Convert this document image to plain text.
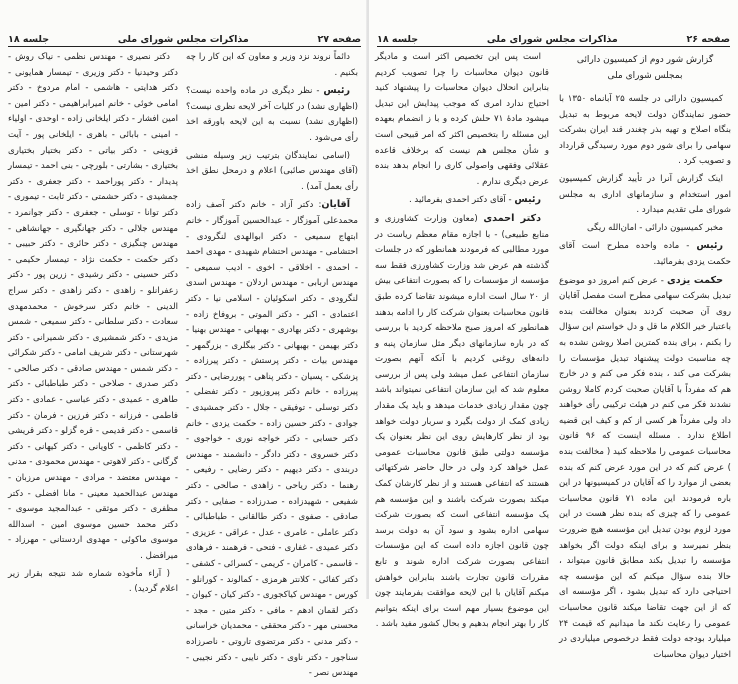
صفحه ۲۷
مذاکرات مجلس شورای ملی
جلسه ۱۸

دائماً نروند نزد وزیر و معاون که این کار را چه بکنیم .

رئیس - نظر دیگری در ماده واحده نیست؟ (اظهاری نشد) در کلیات آخر لایحه نظری نیست؟ (اظهاری نشد) نسبت به این لایحه باورقه اخذ رأی می‌شود .

(اسامی نمایندگان بترتیب زیر وسیله منشی (آقای مهندس صائبی) اعلام و درمحل نطق اخذ رأی بعمل آمد) .

آقایان: دکتر آزاد - خانم دکتر آصف زاده محمدعلی آموزگار - عبدالحسین آموزگار - خانم ابتهاج سمیعی - دکتر ابوالهدی لنگرودی - احتشامی - مهندس احتشام شهیدی - مهدی احمد - احمدی - اخلاقی - اخوی - ادیب سمیعی - مهندس اربابی - مهندس اردلان - مهندس اسدی لنگرودی - دکتر اسکوئیان - اسلامی نیا - دکتر اعتمادی - اکبر - دکتر الموتی - بروفاخ زاده - بوشهری - دکتر بهادری - بهبهانی - مهندس بهنیا - دکتر بهیمن - بهبهانی - دکتر بیگلری - بزرگمهر - مهندس بیات - دکتر پرستش - دکتر پیرزاده - پزشکی - پسیان - دکتر پناهی - پوررضایی - دکتر پیرزاده - خانم دکتر پیروزپور - دکتر تفضلی - دکتر توسلی - توفیقی - جلال - دکتر جمشیدی - جوادی - دکتر حسین زاده - حکمت یزدی - خانم دکتر حسابی - دکتر خواجه نوری - خواجوی - دکتر خسروی - دکتر دادگر - دانشمند - مهندس دربندی - دکتر دیهیم - دکتر رضایی - رفیعی - رهنما - دکتر ریاحی - زاهدی - صالحی - دکتر شفیعی - شهیدزاده - صدرزاده - صفایی - دکتر صادقی - صفوی - دکتر طالقانی - طباطبائی - دکتر عاملی - عامری - عدل - عراقی - عزیزی - دکتر عمیدی - غفاری - فتحی - فرهمند - فرهادی - قاسمی - کامران - کریمی - کسرائی - کشفی - دکتر کفائی - کلانتر هرمزی - کمالوند - کورانلو - کورس - مهندس کیاکجوری - دکتر کیان - کیوان - دکتر لقمان ادهم - مافی - دکتر متین - مجد - محسنی مهر - دکتر محققی - محمدیان خراسانی - دکتر مدنی - دکتر مرتضوی تاروتی - ناصرزاده سناجور - دکتر ناوی - دکتر نایبی - دکتر نجیبی - مهندس نصر -

دکتر نصیری - مهندس نظمی - نیاک روش - دکتر وحیدنیا - دکتر وزیری - تیمسار همایونی - دکتر هدایتی - هاشمی - امام مردوخ - دکتر امامی خوئی - خانم امیرابراهیمی - دکتر امین - امین افشار - دکتر ایلخانی زاده - اوحدی - اولیاء - امینی - بابائی - باهری - ایلخانی پور - آیت قزوینی - دکتر بیاتی - دکتر بختیار بختیاری بختیاری - بشارتی - بلورچی - بنی احمد - تیمسار پدیدار - دکتر پوراحمد - دکتر جعفری - دکتر جمشیدی - دکتر حشمتی - دکتر ثابت - تیموری - دکتر توانا - توسلی - جعفری - دکتر جوانمرد - مهندس جلالی - دکتر جهانگیری - جهانشاهی - مهندس چنگیزی - دکتر حائری - دکتر حبیبی - دکتر حکمت - حکمت نژاد - تیمسار حکیمی - دکتر حسینی - دکتر رشیدی - زرین پور - دکتر زعفرانلو - زاهدی - دکتر زاهدی - دکتر سراج الدینی - خانم دکتر سرخوش - محمدمهدی سعادت - دکتر سلطانی - دکتر سمیعی - شمس مزیدی - دکتر شمشیری - دکتر شمیرانی - دکتر شهرستانی - دکتر شریف امامی - دکتر شکرائی - دکتر شمس - مهندس صادقی - دکتر صالحی - دکتر صدری - صلاحی - دکتر طباطبائی - دکتر طاهری - عمیدی - دکتر عباسی - عمادی - دکتر فاطمی - فرزانه - دکتر فرزین - فرمان - دکتر قاسمی - دکتر قدیمی - قره گزلو - دکتر قریشی - دکتر کاظمی - کاویانی - دکتر کیهانی - دکتر گرگانی - دکتر لاهوتی - مهندس محمودی - مدنی - مهندس معتضد - مرادی - مهندس مرزبان - مهندس عبدالحمید معینی - مانا افضلی - دکتر مظفری - دکتر موثقی - عبدالمجید موسوی - دکتر محمد حسین موسوی امین - اسدالله موسوی ماکوئی - مهدوی اردستانی - مهرزاد - میرافضل .

( آراء مأخوذه شماره شد نتیجه بقرار زیر اعلام گردید) .

صفحه ۲۶
مذاکرات مجلس شورای ملی
جلسه ۱۸
گزارش شور دوم از کمیسیون دارائی
بمجلس شورای ملی

کمیسیون دارائی در جلسه ۲۵ آبانماه ۱۳۵۰ با حضور نمایندگان دولت لایحه مربوط به تبدیل بنگاه اصلاح و تهیه بذر چغندر قند ایران بشرکت سهامی را برای شور دوم مورد رسیدگی قرارداد و تصویب کرد .

اینک گزارش آنرا در تأیید گزارش کمیسیون امور استخدام و سازمانهای اداری به مجلس شورای ملی تقدیم میدارد .

مخبر کمیسیون دارائی - امان‌الله ریگی

رئیس - ماده واحده مطرح است آقای حکمت یزدی بفرمائید.

حکمت یزدی - عرض کنم امروز دو موضوع تبدیل بشرکت سهامی مطرح است مفصل آقایان روی آن صحبت کردند بعنوان مخالفت بنده باعتبار خیر الکلام ما قل و دل خواستم این سؤال را بکنم ، برای بنده کمترین اصلا روشن نشده به چه مناسبت دولت پیشنهاد تبدیل مؤسسات را بشرکت می کند ، بنده فکر می کنم و در خارج هم که مفرداً با آقایان صحبت کردم کاملا روشن نشدند فکر می کنم در هیئت ترکیبی رأی خواهند داد ولی مفرداً هر کسی از کم و کیف این قضیه اطلاع ندارد . مسئله اینست که ۹۶ قانون محاسبات عمومی را ملاحظه کنید ( مخالفت بنده ) عرض کنم که در این مورد عرض کنم که بنده بعضی از موارد را که آقایان در کمیسیونها در این باره فرمودند این ماده ۷۱ قانون محاسبات عمومی را که چیزی که بنده نظر هست در این مورد لزوم بودن تبدیل این مؤسسه هیچ ضرورت بنظر نمیرسد و برای اینکه دولت اگر بخواهد مؤسسه را تبدیل بکند مطابق قانون میتواند ، حالا بنده سؤال میکنم که این مؤسسه چه احتیاجی دارد که تبدیل بشود ، اگر مؤسسه ای که از این جهت تقاضا میکند قانون محاسبات عمومی را رعایت نکند ما میدانیم که قیمت ۲۴ میلیارد بودجه دولت فقط درخصوص میلیاردی در اختیار دیوان محاسبات

است پس این تخصیص اکثر است و مادیگر قانون دیوان محاسبات را چرا تصویب کردیم بنابراین انحلال دیوان محاسبات را پیشنهاد کنید احتیاج ندارد امری که موجب پیدایش این تبدیل میشود مادهٔ ۷۱ حلش کرده و با ز انضمام بعهده این مسئله را بتخصیص اکثر که امر قبیحی است و شأن مجلس هم نیست که برخلاف قاعده عقلائی وفقهی واصولی کاری را انجام بدهد بنده عرض دیگری ندارم .

رئیس - آقای دکتر احمدی بفرمائید .

دکتر احمدی (معاون وزارت کشاورزی و منابع طبیعی) - با اجازه مقام معظم ریاست در مورد مطالبی که فرمودند همانطور که در جلسات گذشته هم عرض شد وزارت کشاورزی فقط سه مؤسسه از مؤسسات را که بصورت انتفاعی بیش از ۲۰ سال است اداره میشوند تقاضا کرده طبق قانون محاسبات بعنوان شرکت کار را ادامه بدهند همانطور که امروز صبح ملاحظه کردید با بررسی که در باره سازمانهای دیگر مثل سازمان پنبه و دانه‌های روغنی کردیم با آنکه آنهم بصورت سازمان انتفاعی عمل میشد ولی پس از بررسی معلوم شد که این سازمان انتفاعی نمیتواند باشد چون مقدار زیادی خدمات میدهد و باید یک مقدار زیادی کمک از دولت بگیرد و سربار دولت خواهد بود از نظر کارهایش روی این نظر بعنوان یک مؤسسه دولتی طبق قانون محاسبات عمومی عمل خواهد کرد ولی در حال حاضر شرکتهائی هستند که انتفاعی هستند و از نظر کارشان کمک میکند بصورت شرکت باشند و این مؤسسه هم یک مؤسسه انتفاعی است که بصورت شرکت سهامی اداره بشود و سود آن به دولت برسد چون قانون اجازه داده است که این مؤسسات انتفاعی بصورت شرکت اداره شوند و تابع مقررات قانون تجارت باشند بنابراین خواهش میکنم آقایان با این لایحه موافقت بفرمایند چون این موضوع بسیار مهم است برای اینکه بتوانیم کار را بهتر انجام بدهیم و بحال کشور مفید باشد .
